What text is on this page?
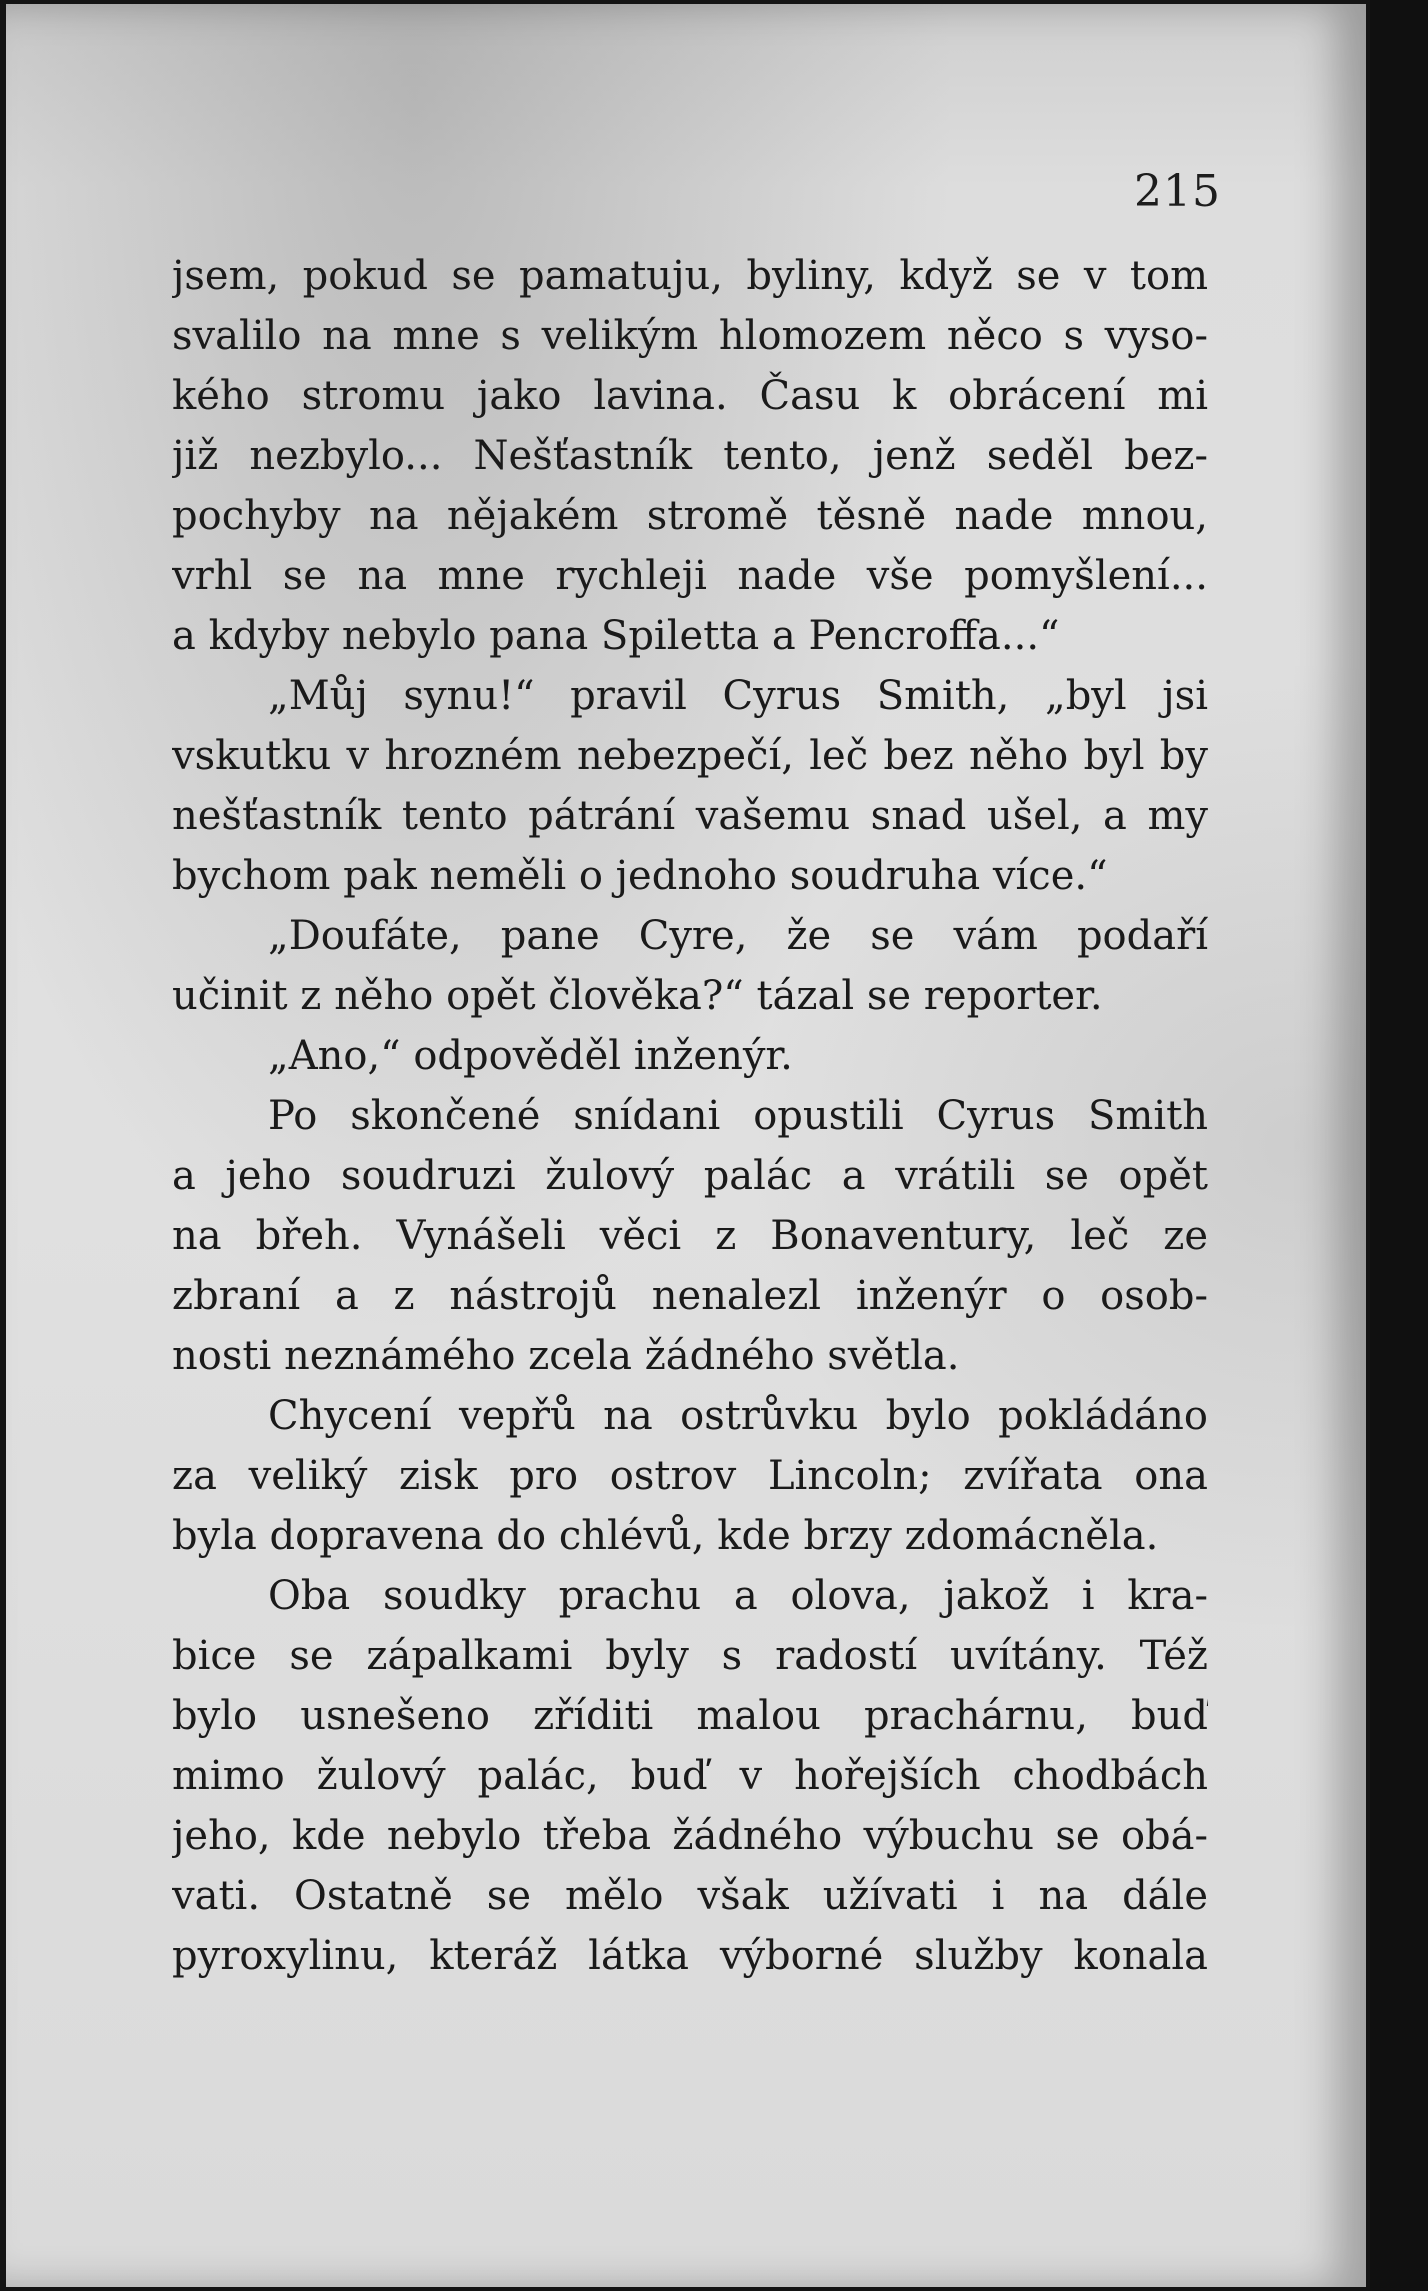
215
jsem, pokud se pamatuju, byliny, když se v tom
svalilo na mne s velikým hlomozem něco s vyso-
kého stromu jako lavina. Času k obrácení mi
již nezbylo... Nešťastník tento, jenž seděl bez-
pochyby na nějakém stromě těsně nade mnou,
vrhl se na mne rychleji nade vše pomyšlení...
a kdyby nebylo pana Spiletta a Pencroffa...“
„Můj synu!“ pravil Cyrus Smith, „byl jsi
vskutku v hrozném nebezpečí, leč bez něho byl by
nešťastník tento pátrání vašemu snad ušel, a my
bychom pak neměli o jednoho soudruha více.“
„Doufáte, pane Cyre, že se vám podaří
učinit z něho opět člověka?“ tázal se reporter.
„Ano,“ odpověděl inženýr.
Po skončené snídani opustili Cyrus Smith
a jeho soudruzi žulový palác a vrátili se opět
na břeh. Vynášeli věci z Bonaventury, leč ze
zbraní a z nástrojů nenalezl inženýr o osob-
nosti neznámého zcela žádného světla.
Chycení vepřů na ostrůvku bylo pokládáno
za veliký zisk pro ostrov Lincoln; zvířata ona
byla dopravena do chlévů, kde brzy zdomácněla.
Oba soudky prachu a olova, jakož i kra-
bice se zápalkami byly s radostí uvítány. Též
bylo usnešeno zříditi malou prachárnu, buď
mimo žulový palác, buď v hořejších chodbách
jeho, kde nebylo třeba žádného výbuchu se obá-
vati. Ostatně se mělo však užívati i na dále
pyroxylinu, kteráž látka výborné služby konala
